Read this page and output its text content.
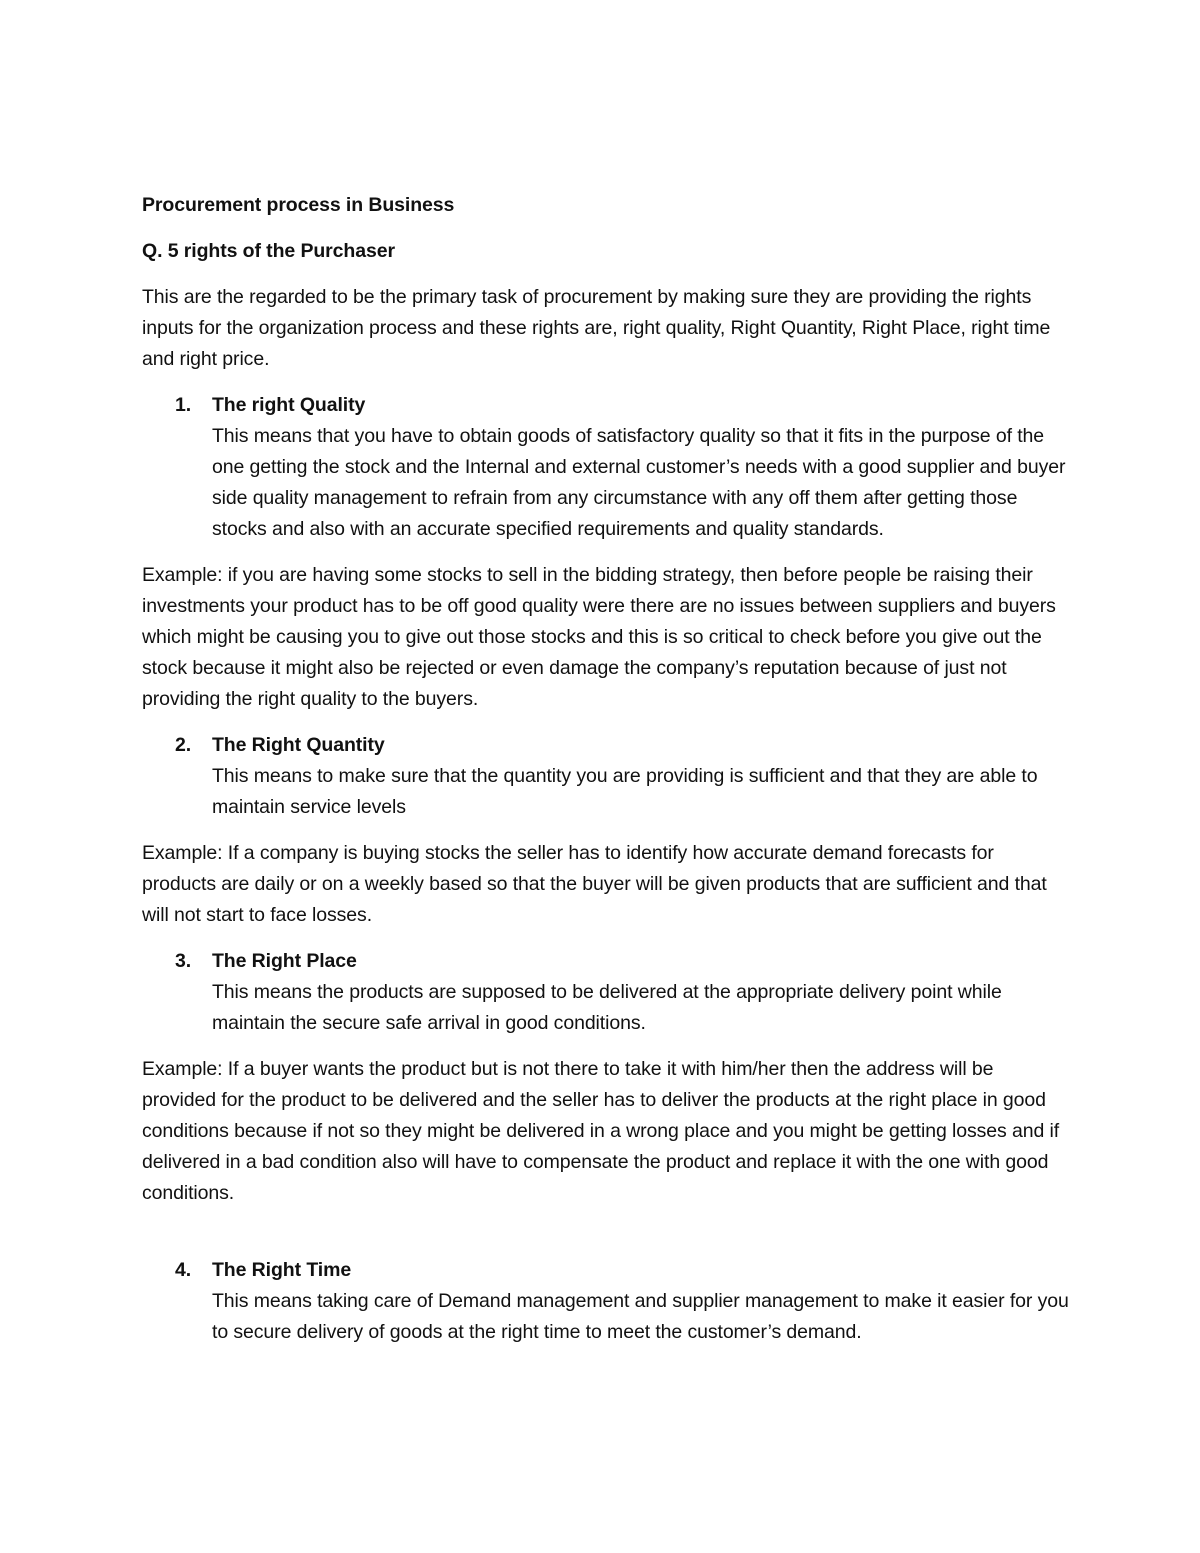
Procurement process in Business

Q. 5 rights of the Purchaser

This are the regarded to be the primary task of procurement by making sure they are providing the rights inputs for the organization process and these rights are, right quality, Right Quantity, Right Place, right time and right price.

1. The right Quality
This means that you have to obtain goods of satisfactory quality so that it fits in the purpose of the one getting the stock and the Internal and external customer’s needs with a good supplier and buyer side quality management to refrain from any circumstance with any off them after getting those stocks and also with an accurate specified requirements and quality standards.

Example: if you are having some stocks to sell in the bidding strategy, then before people be raising their investments your product has to be off good quality were there are no issues between suppliers and buyers which might be causing you to give out those stocks and this is so critical to check before you give out the stock because it might also be rejected or even damage the company’s reputation because of just not providing the right quality to the buyers.

2. The Right Quantity
This means to make sure that the quantity you are providing is sufficient and that they are able to maintain service levels

Example: If a company is buying stocks the seller has to identify how accurate demand forecasts for products are daily or on a weekly based so that the buyer will be given products that are sufficient and that will not start to face losses.

3. The Right Place
This means the products are supposed to be delivered at the appropriate delivery point while maintain the secure safe arrival in good conditions.

Example: If a buyer wants the product but is not there to take it with him/her then the address will be provided for the product to be delivered and the seller has to deliver the products at the right place in good conditions because if not so they might be delivered in a wrong place and you might be getting losses and if delivered in a bad condition also will have to compensate the product and replace it with the one with good conditions.

4. The Right Time
This means taking care of Demand management and supplier management to make it easier for you to secure delivery of goods at the right time to meet the customer’s demand.
